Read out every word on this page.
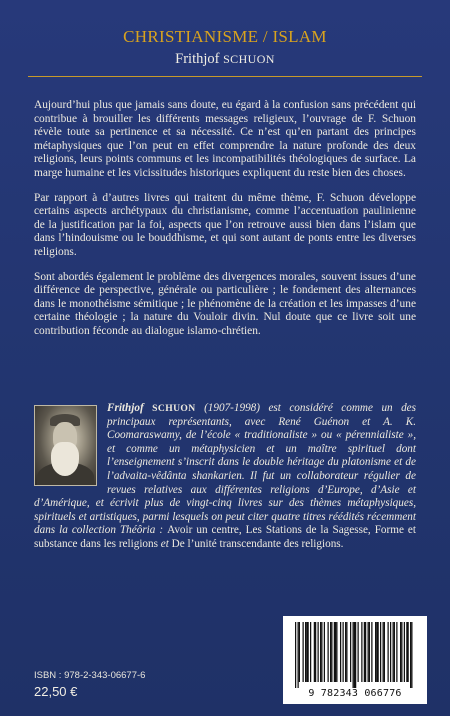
CHRISTIANISME / ISLAM
Frithjof SCHUON

Aujourd’hui plus que jamais sans doute, eu égard à la confusion sans précédent qui contribue à brouiller les différents messages religieux, l’ouvrage de F. Schuon révèle toute sa pertinence et sa nécessité. Ce n’est qu’en partant des principes métaphysiques que l’on peut en effet comprendre la nature profonde des deux religions, leurs points communs et les incompatibilités théologiques de surface. La marge humaine et les vicissitudes historiques expliquent du reste bien des choses.

Par rapport à d’autres livres qui traitent du même thème, F. Schuon développe certains aspects archétypaux du christianisme, comme l’accentuation paulinienne de la justification par la foi, aspects que l’on retrouve aussi bien dans l’islam que dans l’hindouisme ou le bouddhisme, et qui sont autant de ponts entre les diverses religions.

Sont abordés également le problème des divergences morales, souvent issues d’une différence de perspective, générale ou particulière ; le fondement des alternances dans le monothéisme sémitique ; le phénomène de la création et les impasses d’une certaine théologie ; la nature du Vouloir divin. Nul doute que ce livre soit une contribution féconde au dialogue islamo-chrétien.

Frithjof SCHUON (1907-1998) est considéré comme un des principaux représentants, avec René Guénon et A. K. Coomaraswamy, de l’école « traditionaliste » ou « pérennialiste », et comme un métaphysicien et un maître spirituel dont l’enseignement s’inscrit dans le double héritage du platonisme et de l’advaita-vêdânta shankarien. Il fut un collaborateur régulier de revues relatives aux différentes religions d’Europe, d’Asie et d’Amérique, et écrivit plus de vingt-cinq livres sur des thèmes métaphysiques, spirituels et artistiques, parmi lesquels on peut citer quatre titres réédités récemment dans la collection Théôria : Avoir un centre, Les Stations de la Sagesse, Forme et substance dans les religions et De l’unité transcendante des religions.
ISBN : 978-2-343-06677-6
22,50 €	9 782343 066776
